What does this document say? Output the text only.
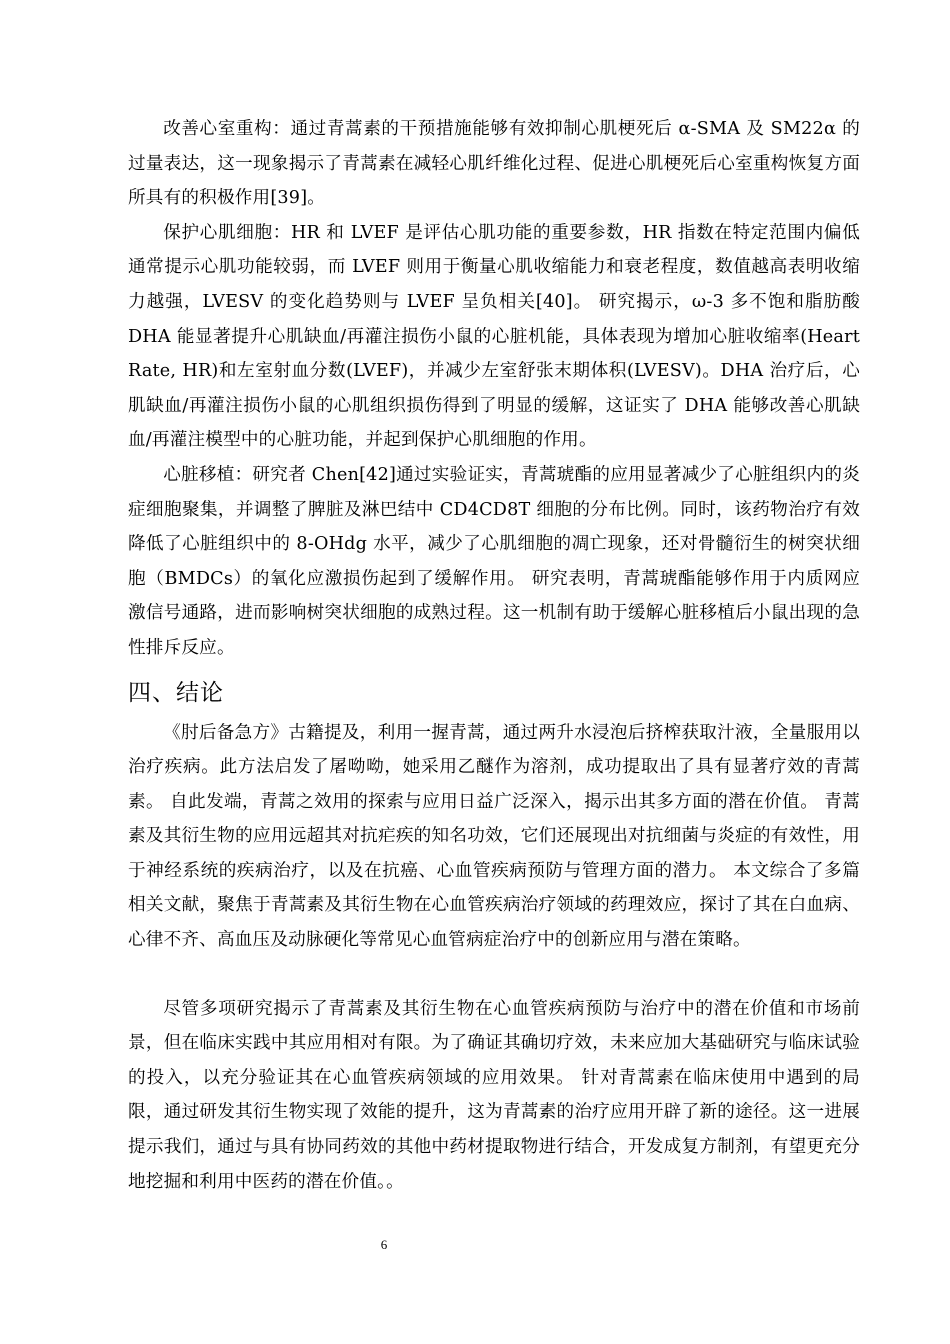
改善心室重构：通过青蒿素的干预措施能够有效抑制心肌梗死后 α-SMA 及 SM22α 的过量表达，这一现象揭示了青蒿素在减轻心肌纤维化过程、促进心肌梗死后心室重构恢复方面所具有的积极作用[39]。

保护心肌细胞：HR 和 LVEF 是评估心肌功能的重要参数，HR 指数在特定范围内偏低通常提示心肌功能较弱，而 LVEF 则用于衡量心肌收缩能力和衰老程度，数值越高表明收缩力越强，LVESV 的变化趋势则与 LVEF 呈负相关[40]。 研究揭示，ω-3 多不饱和脂肪酸 DHA 能显著提升心肌缺血/再灌注损伤小鼠的心脏机能，具体表现为增加心脏收缩率(Heart Rate, HR)和左室射血分数(LVEF)，并减少左室舒张末期体积(LVESV)。DHA 治疗后，心肌缺血/再灌注损伤小鼠的心肌组织损伤得到了明显的缓解，这证实了 DHA 能够改善心肌缺血/再灌注模型中的心脏功能，并起到保护心肌细胞的作用。

心脏移植：研究者 Chen[42]通过实验证实，青蒿琥酯的应用显著减少了心脏组织内的炎症细胞聚集，并调整了脾脏及淋巴结中 CD4CD8T 细胞的分布比例。同时，该药物治疗有效降低了心脏组织中的 8-OHdg 水平，减少了心肌细胞的凋亡现象，还对骨髓衍生的树突状细胞（BMDCs）的氧化应激损伤起到了缓解作用。 研究表明，青蒿琥酯能够作用于内质网应激信号通路，进而影响树突状细胞的成熟过程。这一机制有助于缓解心脏移植后小鼠出现的急性排斥反应。

四、结论

《肘后备急方》古籍提及，利用一握青蒿，通过两升水浸泡后挤榨获取汁液，全量服用以治疗疾病。此方法启发了屠呦呦，她采用乙醚作为溶剂，成功提取出了具有显著疗效的青蒿素。 自此发端，青蒿之效用的探索与应用日益广泛深入，揭示出其多方面的潜在价值。 青蒿素及其衍生物的应用远超其对抗疟疾的知名功效，它们还展现出对抗细菌与炎症的有效性，用于神经系统的疾病治疗，以及在抗癌、心血管疾病预防与管理方面的潜力。 本文综合了多篇相关文献，聚焦于青蒿素及其衍生物在心血管疾病治疗领域的药理效应，探讨了其在白血病、心律不齐、高血压及动脉硬化等常见心血管病症治疗中的创新应用与潜在策略。

尽管多项研究揭示了青蒿素及其衍生物在心血管疾病预防与治疗中的潜在价值和市场前景，但在临床实践中其应用相对有限。为了确证其确切疗效，未来应加大基础研究与临床试验的投入，以充分验证其在心血管疾病领域的应用效果。 针对青蒿素在临床使用中遇到的局限，通过研发其衍生物实现了效能的提升，这为青蒿素的治疗应用开辟了新的途径。这一进展提示我们，通过与具有协同药效的其他中药材提取物进行结合，开发成复方制剂，有望更充分地挖掘和利用中医药的潜在价值。。

6
